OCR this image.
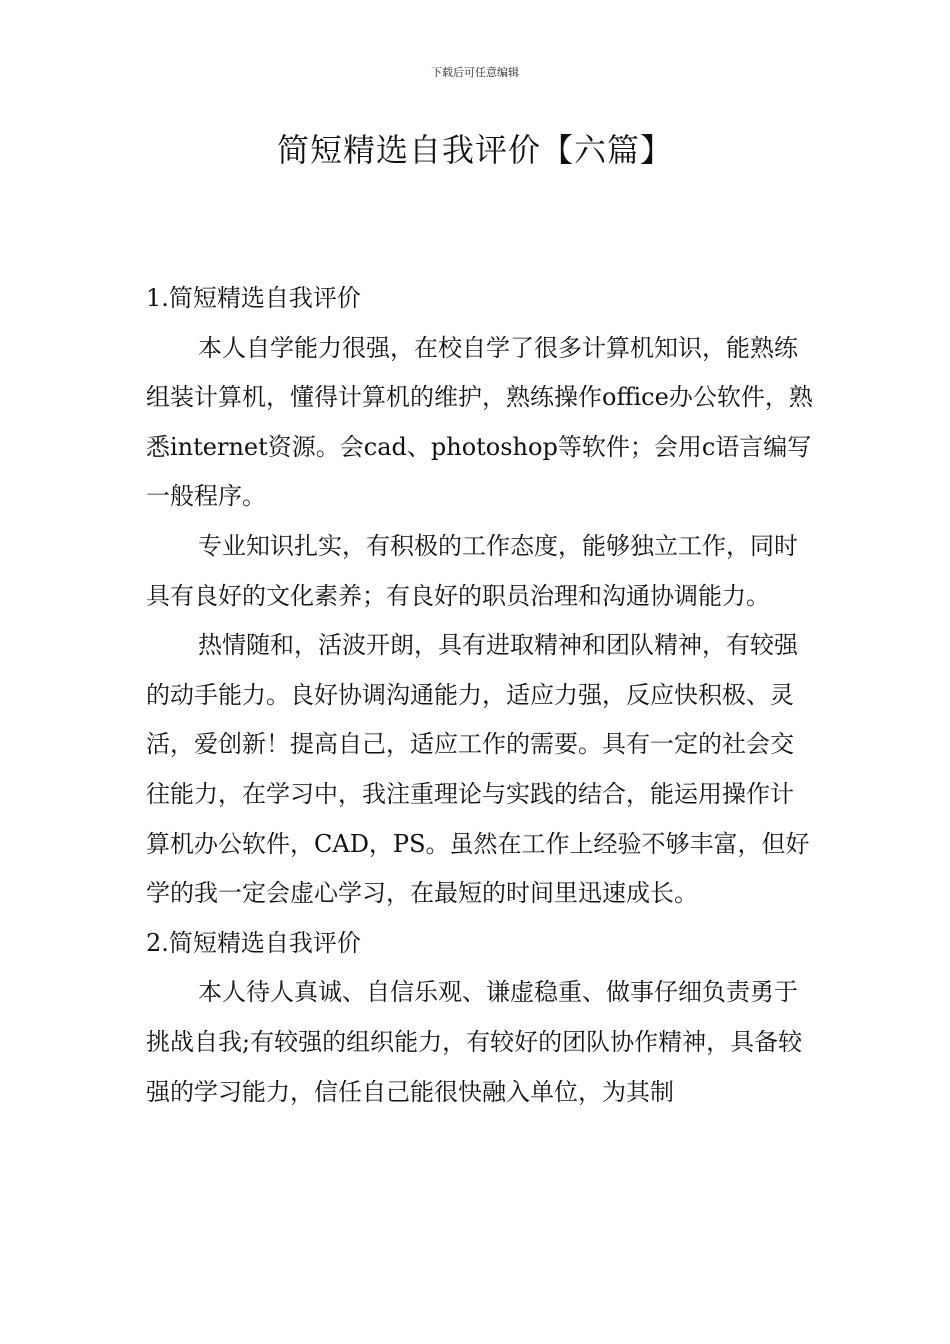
下载后可任意编辑
简短精选自我评价【六篇】

1.简短精选自我评价

本人自学能力很强，在校自学了很多计算机知识，能熟练组装计算机，懂得计算机的维护，熟练操作office办公软件，熟悉internet资源。会cad、photoshop等软件；会用c语言编写一般程序。

专业知识扎实，有积极的工作态度，能够独立工作，同时具有良好的文化素养；有良好的职员治理和沟通协调能力。

热情随和，活波开朗，具有进取精神和团队精神，有较强的动手能力。良好协调沟通能力，适应力强，反应快积极、灵活，爱创新！提高自己，适应工作的需要。具有一定的社会交往能力，在学习中，我注重理论与实践的结合，能运用操作计算机办公软件，CAD，PS。虽然在工作上经验不够丰富，但好学的我一定会虚心学习，在最短的时间里迅速成长。

2.简短精选自我评价

本人待人真诚、自信乐观、谦虚稳重、做事仔细负责勇于挑战自我;有较强的组织能力，有较好的团队协作精神，具备较强的学习能力，信任自己能很快融入单位，为其制
